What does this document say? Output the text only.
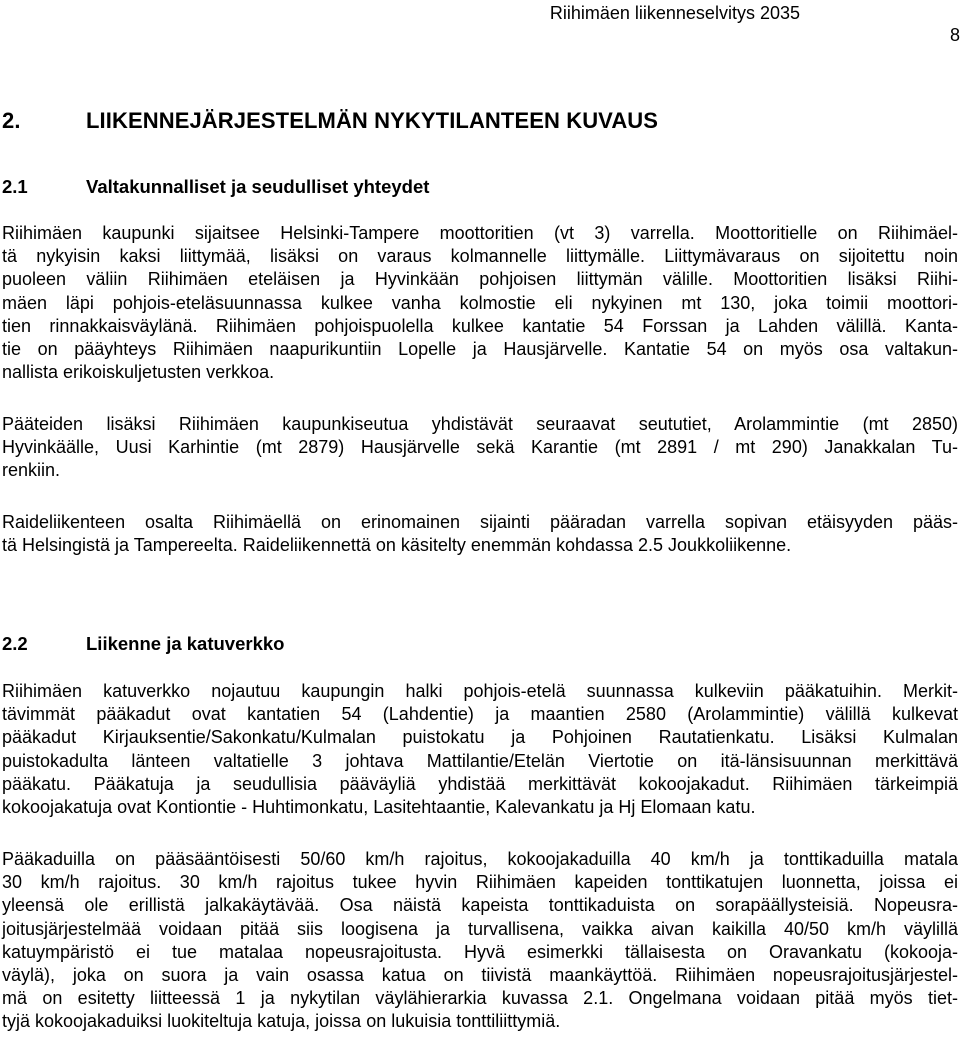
Riihimäen liikenneselvitys 2035
8
2.	LIIKENNEJÄRJESTELMÄN NYKYTILANTEEN KUVAUS
2.1	Valtakunnalliset ja seudulliset yhteydet
Riihimäen kaupunki sijaitsee Helsinki-Tampere moottoritien (vt 3) varrella. Moottoritielle on Riihimäel-
tä nykyisin kaksi liittymää, lisäksi on varaus kolmannelle liittymälle. Liittymävaraus on sijoitettu noin
puoleen väliin Riihimäen eteläisen ja Hyvinkään pohjoisen liittymän välille. Moottoritien lisäksi Riihi-
mäen läpi pohjois-eteläsuunnassa kulkee vanha kolmostie eli nykyinen mt 130, joka toimii moottori-
tien rinnakkaisväylänä. Riihimäen pohjoispuolella kulkee kantatie 54 Forssan ja Lahden välillä. Kanta-
tie on pääyhteys Riihimäen naapurikuntiin Lopelle ja Hausjärvelle. Kantatie 54 on myös osa valtakun-
nallista erikoiskuljetusten verkkoa.
Pääteiden lisäksi Riihimäen kaupunkiseutua yhdistävät seuraavat seututiet, Arolammintie (mt 2850)
Hyvinkäälle, Uusi Karhintie (mt 2879) Hausjärvelle sekä Karantie (mt 2891 / mt 290) Janakkalan Tu-
renkiin.
Raideliikenteen osalta Riihimäellä on erinomainen sijainti pääradan varrella sopivan etäisyyden pääs-
tä Helsingistä ja Tampereelta. Raideliikennettä on käsitelty enemmän kohdassa 2.5 Joukkoliikenne.
2.2	Liikenne ja katuverkko
Riihimäen katuverkko nojautuu kaupungin halki pohjois-etelä suunnassa kulkeviin pääkatuihin. Merkit-
tävimmät pääkadut ovat kantatien 54 (Lahdentie) ja maantien 2580 (Arolammintie) välillä kulkevat
pääkadut Kirjauksentie/Sakonkatu/Kulmalan puistokatu ja Pohjoinen Rautatienkatu. Lisäksi Kulmalan
puistokadulta länteen valtatielle 3 johtava Mattilantie/Etelän Viertotie on itä-länsisuunnan merkittävä
pääkatu. Pääkatuja ja seudullisia pääväyliä yhdistää merkittävät kokoojakadut. Riihimäen tärkeimpiä
kokoojakatuja ovat Kontiontie - Huhtimonkatu, Lasitehtaantie, Kalevankatu ja Hj Elomaan katu.
Pääkaduilla on pääsääntöisesti 50/60 km/h rajoitus, kokoojakaduilla 40 km/h ja tonttikaduilla matala
30 km/h rajoitus. 30 km/h rajoitus tukee hyvin Riihimäen kapeiden tonttikatujen luonnetta, joissa ei
yleensä ole erillistä jalkakäytävää. Osa näistä kapeista tonttikaduista on sorapäällysteisiä. Nopeusra-
joitusjärjestelmää voidaan pitää siis loogisena ja turvallisena, vaikka aivan kaikilla 40/50 km/h väylillä
katuympäristö ei tue matalaa nopeusrajoitusta. Hyvä esimerkki tällaisesta on Oravankatu (kokooja-
väylä), joka on suora ja vain osassa katua on tiivistä maankäyttöä. Riihimäen nopeusrajoitusjärjestel-
mä on esitetty liitteessä 1 ja nykytilan väylähierarkia kuvassa 2.1. Ongelmana voidaan pitää myös tiet-
tyjä kokoojakaduiksi luokiteltuja katuja, joissa on lukuisia tonttiliittymiä.
